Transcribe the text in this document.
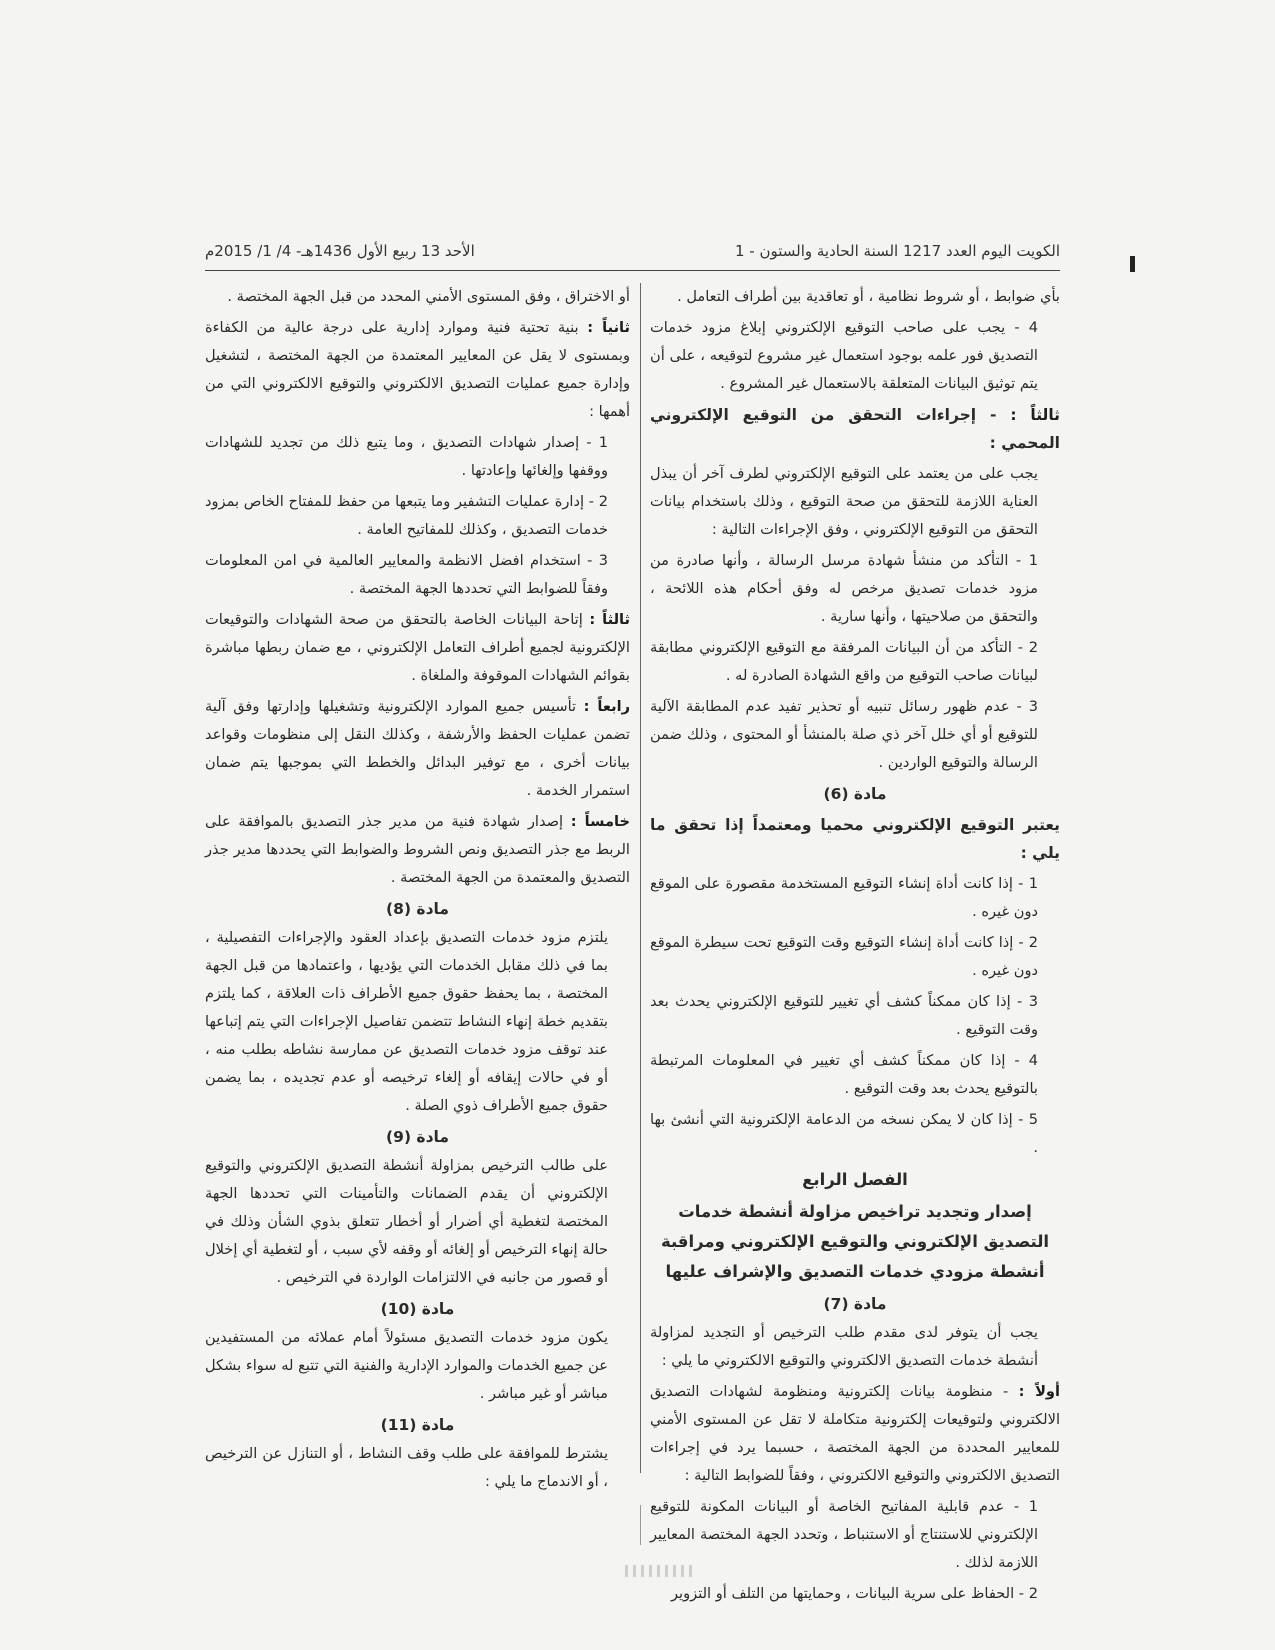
الكويت اليوم العدد 1217 السنة الحادية والستون - 1
الأحد 13 ربيع الأول 1436هـ- 4/ 1/ 2015م

بأي ضوابط ، أو شروط نظامية ، أو تعاقدية بين أطراف التعامل .

4 - يجب على صاحب التوقيع الإلكتروني إبلاغ مزود خدمات التصديق فور علمه بوجود استعمال غير مشروع لتوقيعه ، على أن يتم توثيق البيانات المتعلقة بالاستعمال غير المشروع .

ثالثاً : - إجراءات التحقق من التوقيع الإلكتروني المحمي :

يجب على من يعتمد على التوقيع الإلكتروني لطرف آخر أن يبذل العناية اللازمة للتحقق من صحة التوقيع ، وذلك باستخدام بيانات التحقق من التوقيع الإلكتروني ، وفق الإجراءات التالية :

1 - التأكد من منشأ شهادة مرسل الرسالة ، وأنها صادرة من مزود خدمات تصديق مرخص له وفق أحكام هذه اللائحة ، والتحقق من صلاحيتها ، وأنها سارية .

2 - التأكد من أن البيانات المرفقة مع التوقيع الإلكتروني مطابقة لبيانات صاحب التوقيع من واقع الشهادة الصادرة له .

3 - عدم ظهور رسائل تنبيه أو تحذير تفيد عدم المطابقة الآلية للتوقيع أو أي خلل آخر ذي صلة بالمنشأ أو المحتوى ، وذلك ضمن الرسالة والتوقيع الواردين .

مادة (6)

يعتبر التوقيع الإلكتروني محميا ومعتمداً إذا تحقق ما يلي :

1 - إذا كانت أداة إنشاء التوقيع المستخدمة مقصورة على الموقع دون غيره .

2 - إذا كانت أداة إنشاء التوقيع وقت التوقيع تحت سيطرة الموقع دون غيره .

3 - إذا كان ممكناً كشف أي تغيير للتوقيع الإلكتروني يحدث بعد وقت التوقيع .

4 - إذا كان ممكناً كشف أي تغيير في المعلومات المرتبطة بالتوقيع يحدث بعد وقت التوقيع .

5 - إذا كان لا يمكن نسخه من الدعامة الإلكترونية التي أنشئ بها .

الفصل الرابع
إصدار وتجديد تراخيص مزاولة أنشطة خدمات التصديق الإلكتروني والتوقيع الإلكتروني ومراقبة أنشطة مزودي خدمات التصديق والإشراف عليها
مادة (7)

يجب أن يتوفر لدى مقدم طلب الترخيص أو التجديد لمزاولة أنشطة خدمات التصديق الالكتروني والتوقيع الالكتروني ما يلي :

أولاً : - منظومة بيانات إلكترونية ومنظومة لشهادات التصديق الالكتروني ولتوقيعات إلكترونية متكاملة لا تقل عن المستوى الأمني للمعايير المحددة من الجهة المختصة ، حسبما يرد في إجراءات التصديق الالكتروني والتوقيع الالكتروني ، وفقاً للضوابط التالية :

1 - عدم قابلية المفاتيح الخاصة أو البيانات المكونة للتوقيع الإلكتروني للاستنتاج أو الاستنباط ، وتحدد الجهة المختصة المعايير اللازمة لذلك .

2 - الحفاظ على سرية البيانات ، وحمايتها من التلف أو التزوير

أو الاختراق ، وفق المستوى الأمني المحدد من قبل الجهة المختصة .

ثانياً : بنية تحتية فنية وموارد إدارية على درجة عالية من الكفاءة وبمستوى لا يقل عن المعايير المعتمدة من الجهة المختصة ، لتشغيل وإدارة جميع عمليات التصديق الالكتروني والتوقيع الالكتروني التي من أهمها :

1 - إصدار شهادات التصديق ، وما يتبع ذلك من تجديد للشهادات ووقفها وإلغائها وإعادتها .

2 - إدارة عمليات التشفير وما يتبعها من حفظ للمفتاح الخاص بمزود خدمات التصديق ، وكذلك للمفاتيح العامة .

3 - استخدام افضل الانظمة والمعايير العالمية في امن المعلومات وفقاً للضوابط التي تحددها الجهة المختصة .

ثالثاً : إتاحة البيانات الخاصة بالتحقق من صحة الشهادات والتوقيعات الإلكترونية لجميع أطراف التعامل الإلكتروني ، مع ضمان ربطها مباشرة بقوائم الشهادات الموقوفة والملغاة .

رابعاً : تأسيس جميع الموارد الإلكترونية وتشغيلها وإدارتها وفق آلية تضمن عمليات الحفظ والأرشفة ، وكذلك النقل إلى منظومات وقواعد بيانات أخرى ، مع توفير البدائل والخطط التي بموجبها يتم ضمان استمرار الخدمة .

خامساً : إصدار شهادة فنية من مدير جذر التصديق بالموافقة على الربط مع جذر التصديق ونص الشروط والضوابط التي يحددها مدير جذر التصديق والمعتمدة من الجهة المختصة .

مادة (8)

يلتزم مزود خدمات التصديق بإعداد العقود والإجراءات التفصيلية ، بما في ذلك مقابل الخدمات التي يؤديها ، واعتمادها من قبل الجهة المختصة ، بما يحفظ حقوق جميع الأطراف ذات العلاقة ، كما يلتزم بتقديم خطة إنهاء النشاط تتضمن تفاصيل الإجراءات التي يتم إتباعها عند توقف مزود خدمات التصديق عن ممارسة نشاطه بطلب منه ، أو في حالات إيقافه أو إلغاء ترخيصه أو عدم تجديده ، بما يضمن حقوق جميع الأطراف ذوي الصلة .

مادة (9)

على طالب الترخيص بمزاولة أنشطة التصديق الإلكتروني والتوقيع الإلكتروني أن يقدم الضمانات والتأمينات التي تحددها الجهة المختصة لتغطية أي أضرار أو أخطار تتعلق بذوي الشأن وذلك في حالة إنهاء الترخيص أو إلغائه أو وقفه لأي سبب ، أو لتغطية أي إخلال أو قصور من جانبه في الالتزامات الواردة في الترخيص .

مادة (10)

يكون مزود خدمات التصديق مسئولاً أمام عملائه من المستفيدين عن جميع الخدمات والموارد الإدارية والفنية التي تتبع له سواء بشكل مباشر أو غير مباشر .

مادة (11)

يشترط للموافقة على طلب وقف النشاط ، أو التنازل عن الترخيص ، أو الاندماج ما يلي :
